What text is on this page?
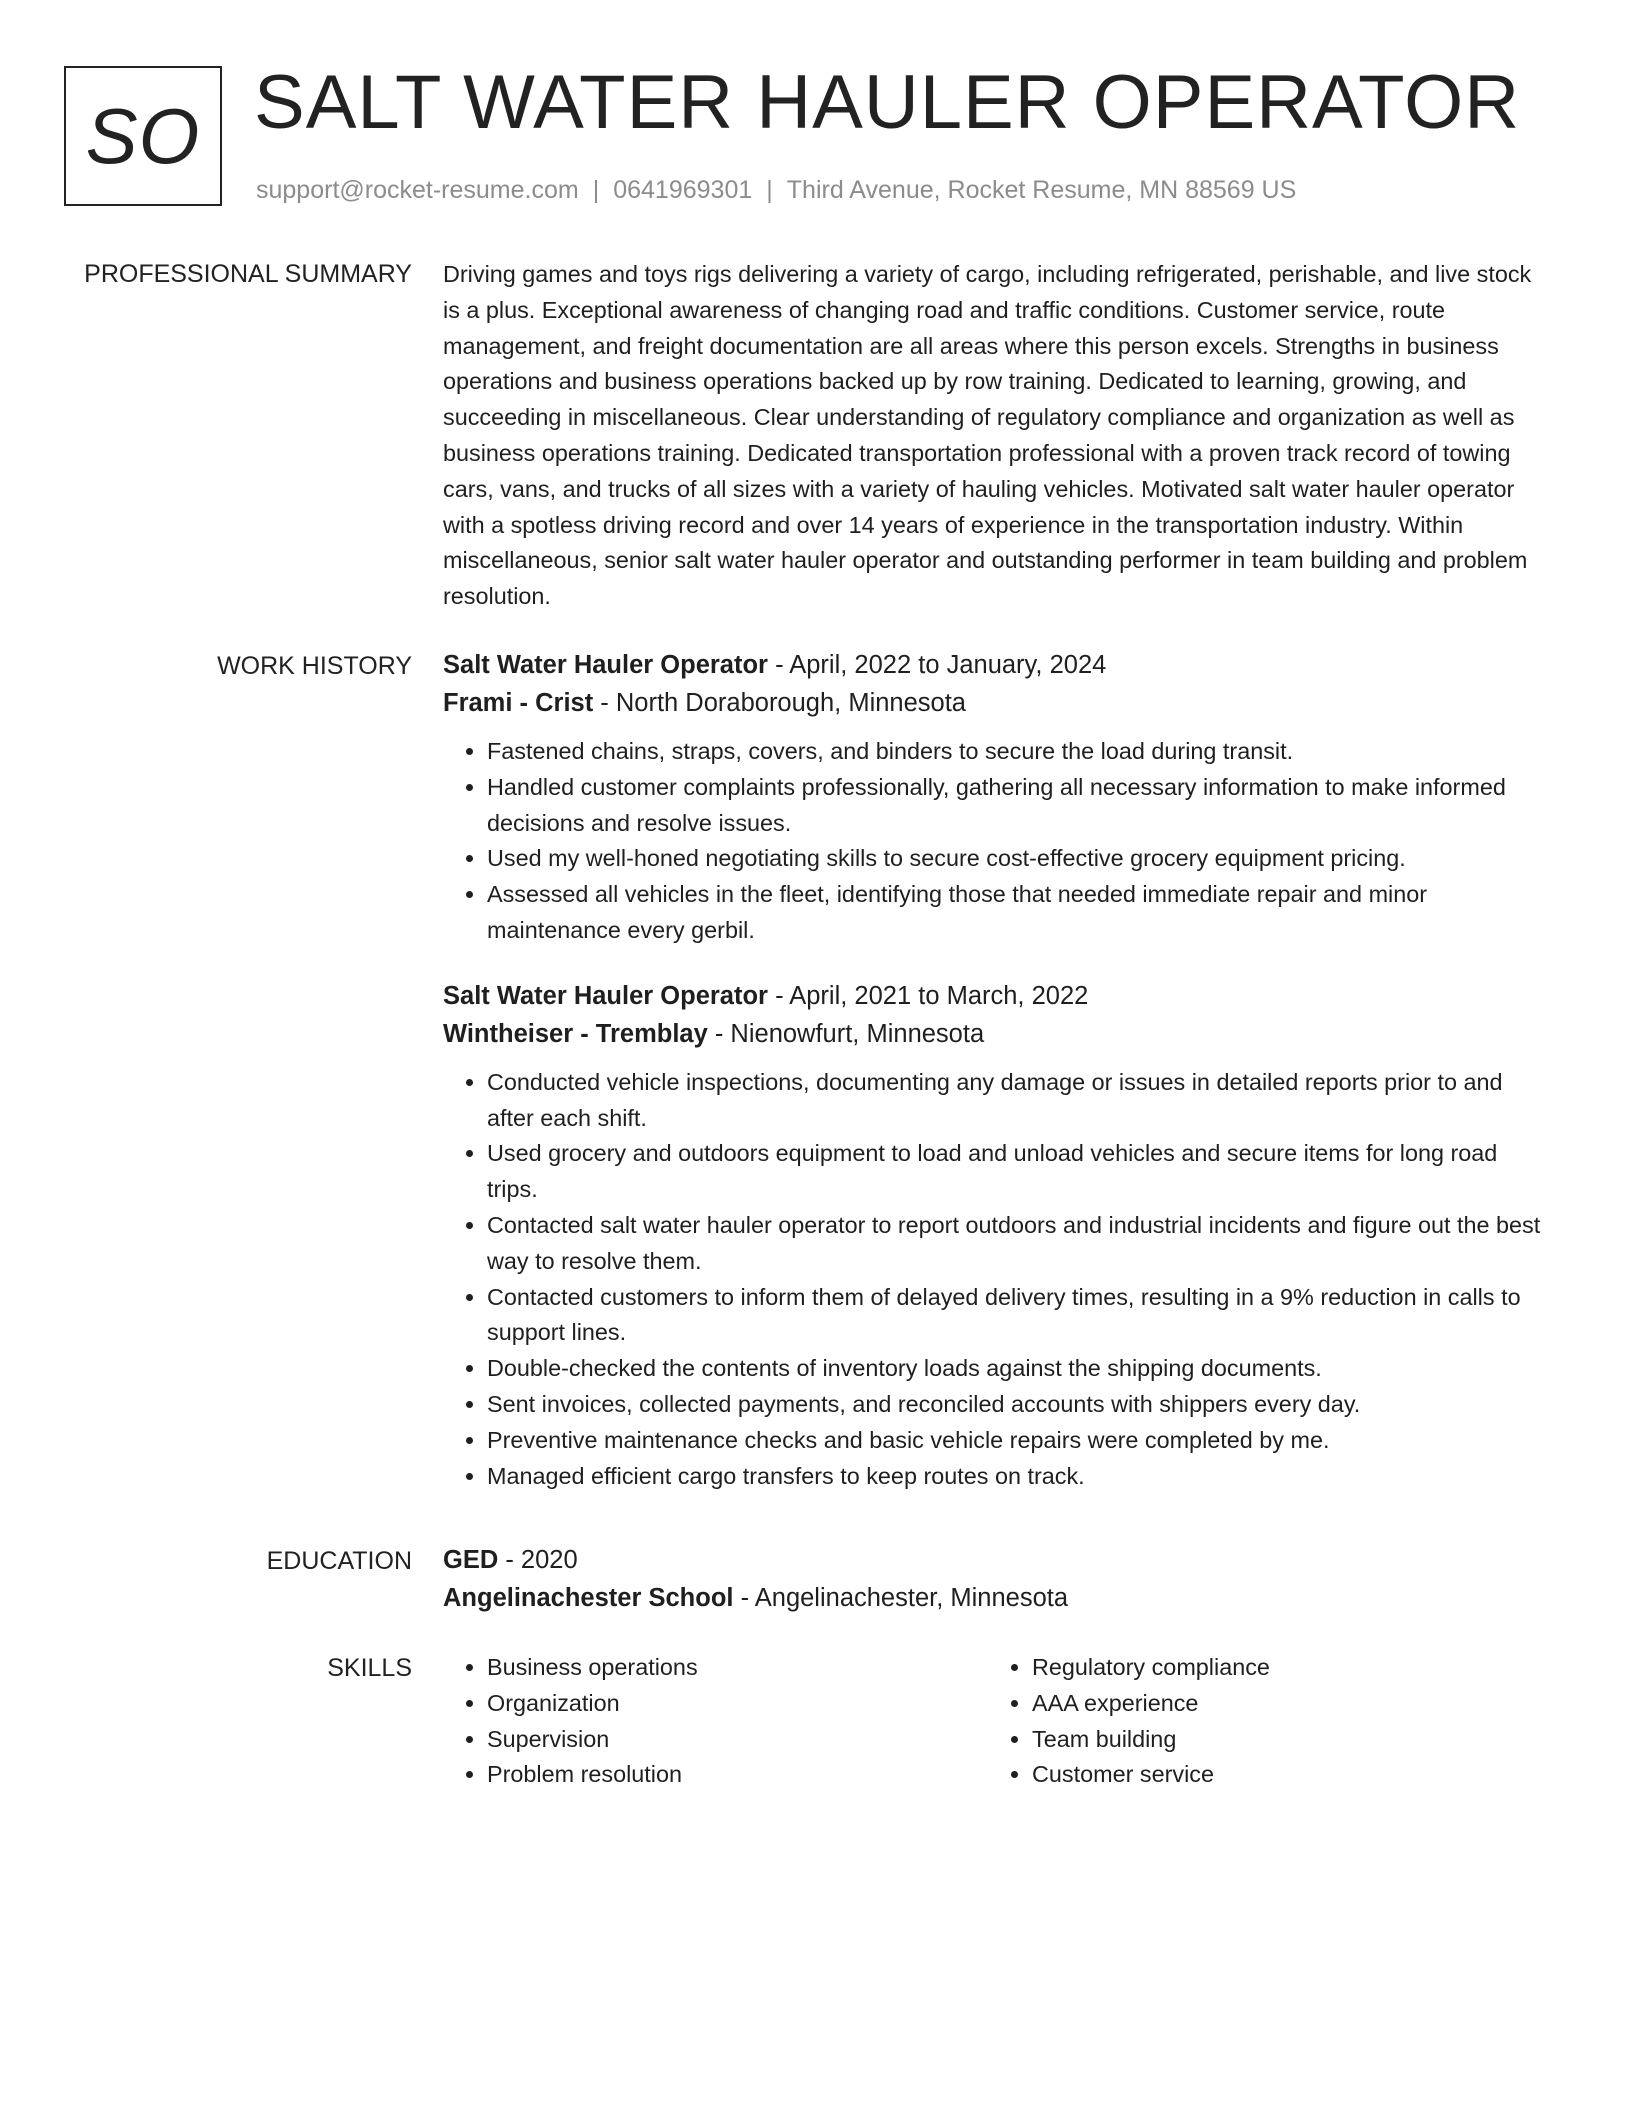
SO SALT WATER HAULER OPERATOR
support@rocket-resume.com | 0641969301 | Third Avenue, Rocket Resume, MN 88569 US
PROFESSIONAL SUMMARY Driving games and toys rigs delivering a variety of cargo, including refrigerated, perishable, and live stock is a plus. Exceptional awareness of changing road and traffic conditions. Customer service, route management, and freight documentation are all areas where this person excels. Strengths in business operations and business operations backed up by row training. Dedicated to learning, growing, and succeeding in miscellaneous. Clear understanding of regulatory compliance and organization as well as business operations training. Dedicated transportation professional with a proven track record of towing cars, vans, and trucks of all sizes with a variety of hauling vehicles. Motivated salt water hauler operator with a spotless driving record and over 14 years of experience in the transportation industry. Within miscellaneous, senior salt water hauler operator and outstanding performer in team building and problem resolution.

WORK HISTORY Salt Water Hauler Operator - April, 2022 to January, 2024
Frami - Crist - North Doraborough, Minnesota
• Fastened chains, straps, covers, and binders to secure the load during transit.
• Handled customer complaints professionally, gathering all necessary information to make informed decisions and resolve issues.
• Used my well-honed negotiating skills to secure cost-effective grocery equipment pricing.
• Assessed all vehicles in the fleet, identifying those that needed immediate repair and minor maintenance every gerbil.
Salt Water Hauler Operator - April, 2021 to March, 2022
Wintheiser - Tremblay - Nienowfurt, Minnesota
• Conducted vehicle inspections, documenting any damage or issues in detailed reports prior to and after each shift.
• Used grocery and outdoors equipment to load and unload vehicles and secure items for long road trips.
• Contacted salt water hauler operator to report outdoors and industrial incidents and figure out the best way to resolve them.
• Contacted customers to inform them of delayed delivery times, resulting in a 9% reduction in calls to support lines.
• Double-checked the contents of inventory loads against the shipping documents.
• Sent invoices, collected payments, and reconciled accounts with shippers every day.
• Preventive maintenance checks and basic vehicle repairs were completed by me.
• Managed efficient cargo transfers to keep routes on track.
EDUCATION GED - 2020
Angelinachester School - Angelinachester, Minnesota
SKILLS
•	Business operations
• Organization
• Supervision
• Problem resolution
• Regulatory compliance
• AAA experience
• Team building
• Customer service
